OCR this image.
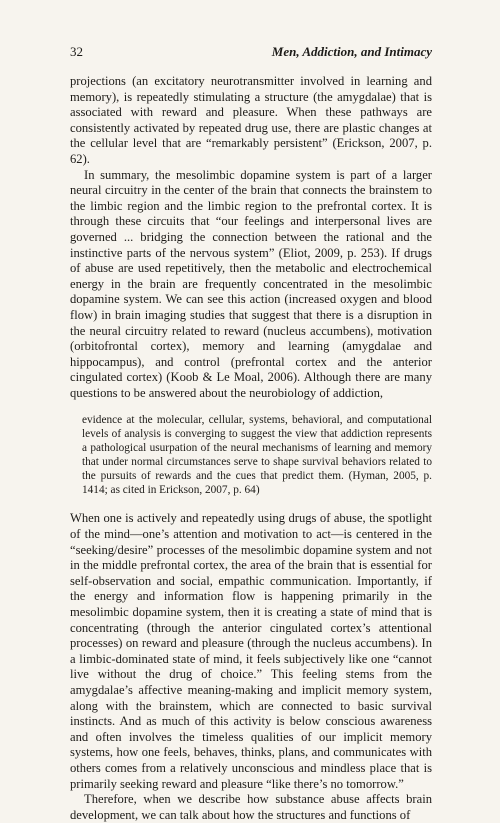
32	Men, Addiction, and Intimacy

projections (an excitatory neurotransmitter involved in learning and memory), is repeatedly stimulating a structure (the amygdalae) that is associated with reward and pleasure. When these pathways are consistently activated by repeated drug use, there are plastic changes at the cellular level that are “remarkably persistent” (Erickson, 2007, p. 62).

In summary, the mesolimbic dopamine system is part of a larger neural circuitry in the center of the brain that connects the brainstem to the limbic region and the limbic region to the prefrontal cortex. It is through these circuits that “our feelings and interpersonal lives are governed ... bridging the connection between the rational and the instinctive parts of the nervous system” (Eliot, 2009, p. 253). If drugs of abuse are used repetitively, then the metabolic and electrochemical energy in the brain are frequently concentrated in the mesolimbic dopamine system. We can see this action (increased oxygen and blood flow) in brain imaging studies that suggest that there is a disruption in the neural circuitry related to reward (nucleus accumbens), motivation (orbitofrontal cortex), memory and learning (amygdalae and hippocampus), and control (prefrontal cortex and the anterior cingulated cortex) (Koob & Le Moal, 2006). Although there are many questions to be answered about the neurobiology of addiction,

evidence at the molecular, cellular, systems, behavioral, and computational levels of analysis is converging to suggest the view that addiction represents a pathological usurpation of the neural mechanisms of learning and memory that under normal circumstances serve to shape survival behaviors related to the pursuits of rewards and the cues that predict them. (Hyman, 2005, p. 1414; as cited in Erickson, 2007, p. 64)

When one is actively and repeatedly using drugs of abuse, the spotlight of the mind—one’s attention and motivation to act—is centered in the “seeking/desire” processes of the mesolimbic dopamine system and not in the middle prefrontal cortex, the area of the brain that is essential for self-observation and social, empathic communication. Importantly, if the energy and information flow is happening primarily in the mesolimbic dopamine system, then it is creating a state of mind that is concentrating (through the anterior cingulated cortex’s attentional processes) on reward and pleasure (through the nucleus accumbens). In a limbic-dominated state of mind, it feels subjectively like one “cannot live without the drug of choice.” This feeling stems from the amygdalae’s affective meaning-making and implicit memory system, along with the brainstem, which are connected to basic survival instincts. And as much of this activity is below conscious awareness and often involves the timeless qualities of our implicit memory systems, how one feels, behaves, thinks, plans, and communicates with others comes from a relatively unconscious and mindless place that is primarily seeking reward and pleasure “like there’s no tomorrow.”

Therefore, when we describe how substance abuse affects brain development, we can talk about how the structures and functions of
